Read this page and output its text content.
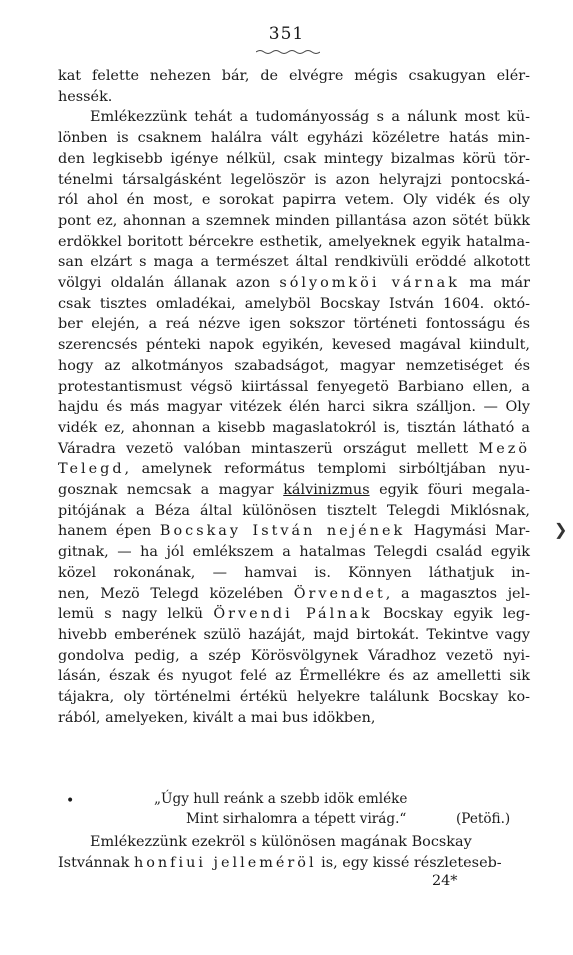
351
kat felette nehezen bár, de elvégre mégis csakugyan elér-
hessék.
Emlékezzünk tehát a tudományosság s a nálunk most kü-
lönben is csaknem halálra vált egyházi közéletre hatás min-
den legkisebb igénye nélkül, csak mintegy bizalmas körü tör-
ténelmi társalgásként legelöször is azon helyrajzi pontocská-
ról ahol én most, e sorokat papirra vetem. Oly vidék és oly
pont ez, ahonnan a szemnek minden pillantása azon sötét bükk
erdökkel boritott bércekre esthetik, amelyeknek egyik hatalma-
san elzárt s maga a természet által rendkivüli eröddé alkotott
völgyi oldalán állanak azon sólyomköi várnak ma már
csak tisztes omladékai, amelyböl Bocskay István 1604. októ-
ber elején, a reá nézve igen sokszor történeti fontosságu és
szerencsés pénteki napok egyikén, kevesed magával kiindult,
hogy az alkotmányos szabadságot, magyar nemzetiséget és
protestantismust végsö kiirtással fenyegetö Barbiano ellen, a
hajdu és más magyar vitézek élén harci sikra szálljon. — Oly
vidék ez, ahonnan a kisebb magaslatokról is, tisztán látható a
Váradra vezetö valóban mintaszerü országut mellett Mezö
Telegd, amelynek református templomi sirbóltjában nyu-
gosznak nemcsak a magyar kálvinizmus egyik föuri megala-
pitójának a Béza által különösen tisztelt Telegdi Miklósnak,
hanem épen Bocskay István nejének Hagymási Mar-
gitnak, — ha jól emlékszem a hatalmas Telegdi család egyik
közel rokonának, — hamvai is. Könnyen láthatjuk in-
nen, Mezö Telegd közelében Örvendet, a magasztos jel-
lemü s nagy lelkü Örvendi Pálnak Bocskay egyik leg-
hivebb emberének szülö hazáját, majd birtokát. Tekintve vagy
gondolva pedig, a szép Körösvölgynek Váradhoz vezetö nyi-
lásán, észak és nyugot felé az Érmellékre és az amelletti sik
tájakra, oly történelmi értékü helyekre találunk Bocskay ko-
rából, amelyeken, kivált a mai bus idökben,
•	„Úgy hull reánk a szebb idök emléke
Mint sirhalomra a tépett virág.“	(Petöfi.)
Emlékezzünk ezekröl s különösen magának Bocskay
Istvánnak honfiui jelleméröl is, egy kissé részleteseb-
24*
❯
